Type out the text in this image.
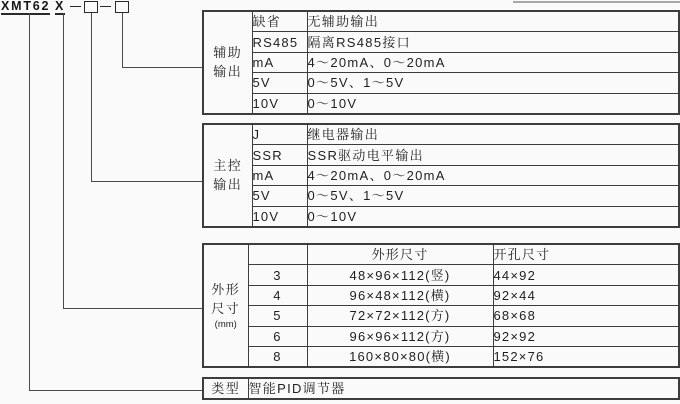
XMT62 X
辅助
输出	缺省	无辅助输出
	RS485	隔离RS485接口
	mA	4～20mA、0～20mA
	5V	0～5V、1～5V
	10V	0～10V
主控
输出	J	继电器输出
	SSR	SSR驱动电平输出
	mA	4～20mA、0～20mA
	5V	0～5V、1～5V
	10V	0～10V
外形
尺寸
(mm)		外形尺寸	开孔尺寸
	3	48×96×112(竖)	44×92
	4	96×48×112(横)	92×44
	5	72×72×112(方)	68×68
	6	96×96×112(方)	92×92
	8	160×80×80(横)	152×76
类型	智能PID调节器
